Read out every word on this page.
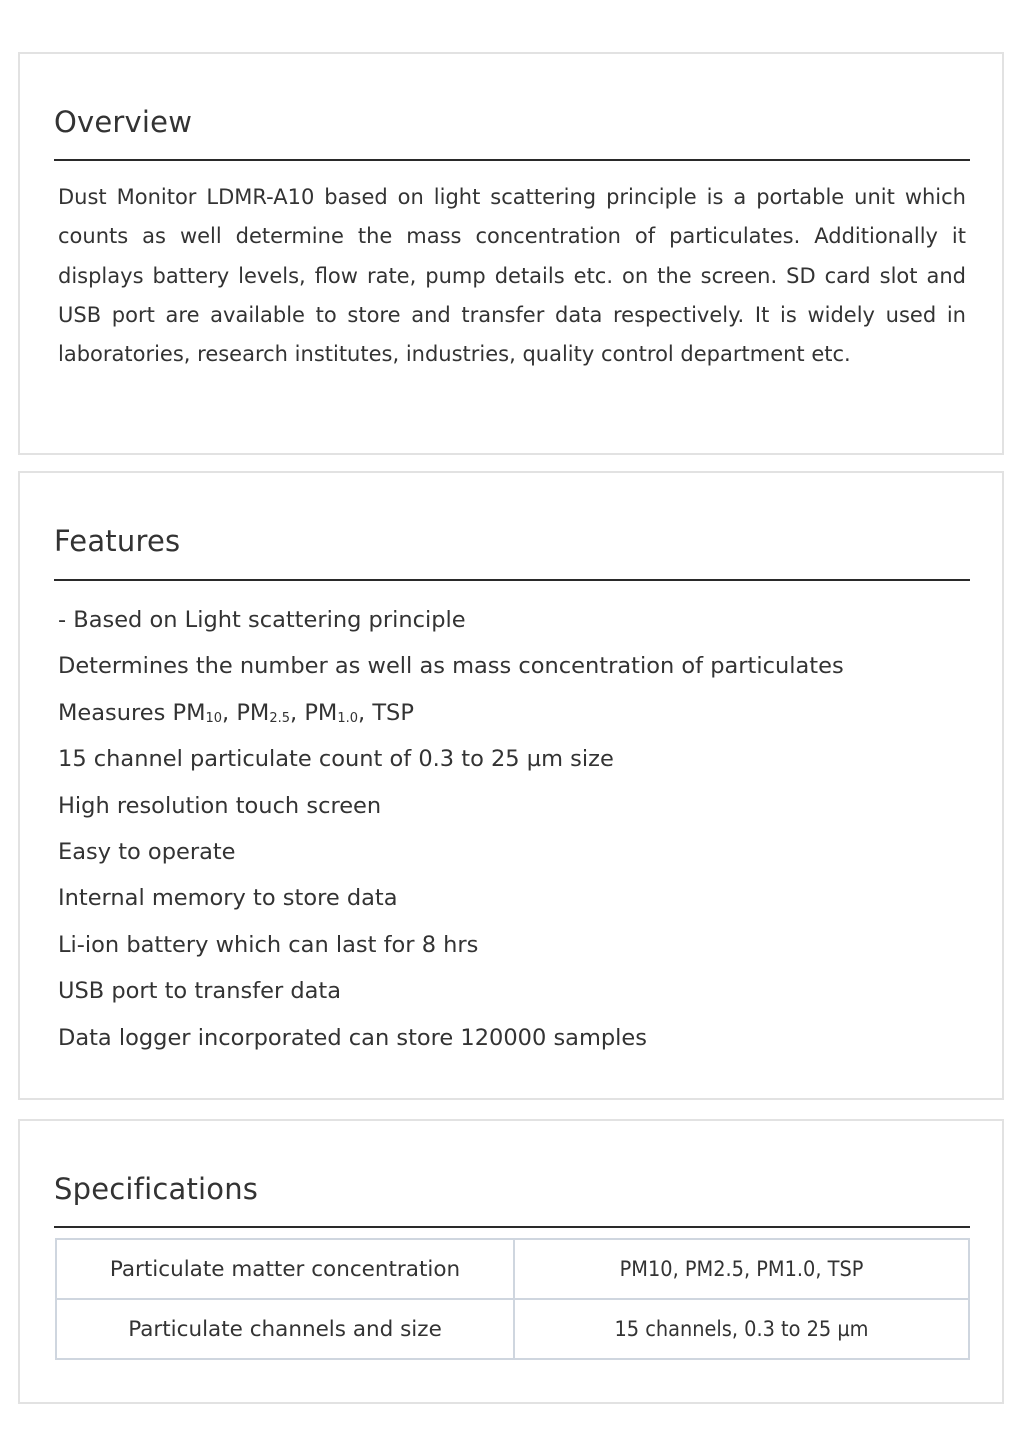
Overview

Dust Monitor LDMR-A10 based on light scattering principle is a portable unit which counts as well determine the mass concentration of particulates. Additionally it displays battery levels, flow rate, pump details etc. on the screen. SD card slot and USB port are available to store and transfer data respectively. It is widely used in laboratories, research institutes, industries, quality control department etc.

Features
- Based on Light scattering principle
Determines the number as well as mass concentration of particulates
Measures $PM_{10}$, $PM_{2.5}$, $PM_{1.0}$, TSP
15 channel particulate count of 0.3 to 25 µm size
High resolution touch screen
Easy to operate
Internal memory to store data
Li-ion battery which can last for 8 hrs
USB port to transfer data
Data logger incorporated can store 120000 samples
Specifications
Particulate matter concentration	PM10, PM2.5, PM1.0, TSP
Particulate channels and size	15 channels, 0.3 to 25 µm
